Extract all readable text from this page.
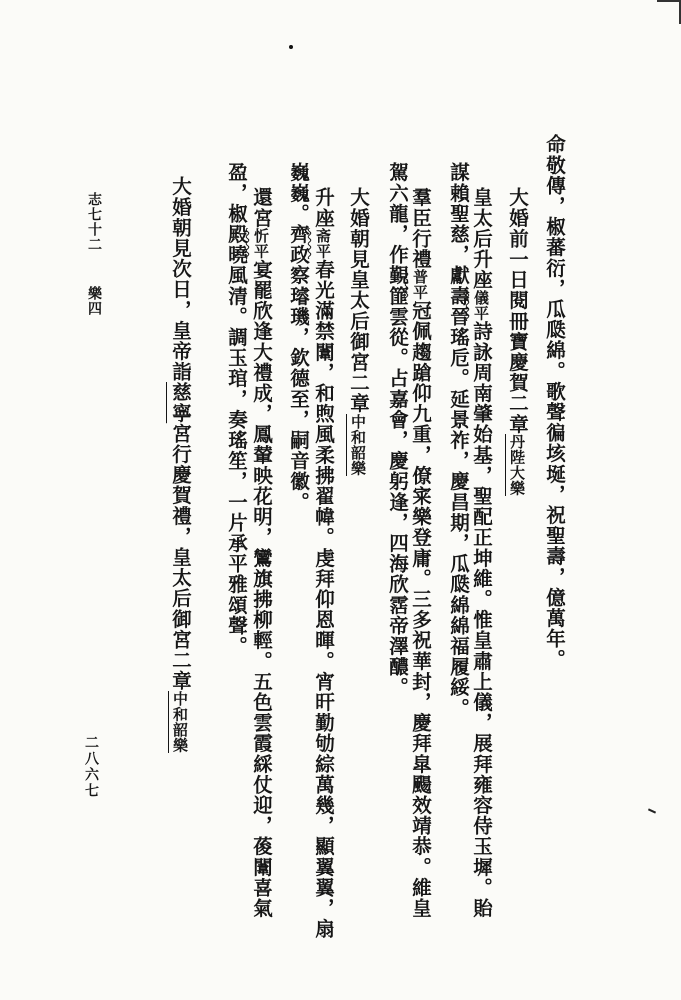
命敬傳，椒蕃衍，瓜瓞綿。歌聲徧垓埏，祝聖壽，億萬年。
大婚前一日閱冊寶慶賀二章丹陛大樂
皇太后升座儀平詩詠周南肇始基，聖配正坤維。惟皇肅上儀，展拜雍容侍玉墀。貽
謀賴聖慈，獻壽晉瑤卮。延景祚，慶昌期，瓜瓞綿綿福履綏。
羣臣行禮普平冠佩趨蹌仰九重，僚宷樂登庸。三多祝華封，慶拜皐颺效靖恭。維皇
駕六龍，作覲篚雲從。占嘉會，慶躬逢，四海欣霑帝澤醲。
大婚朝見皇太后御宮二章中和韶樂
升座斋平春光滿禁闈，和煦風柔拂翟幃。虔拜仰恩暉。宵旰勤劬綜萬幾，顯翼翼，扇
巍巍。齊政察璿璣，欽德至，嗣音徽。
還宮忻平宴罷欣逢大禮成，鳳輦映花明，鸞旗拂柳輕。五色雲霞綵仗迎，葰闈喜氣
盈，椒殿曉風清。調玉琯，奏瑤笙，一片承平雅頌聲。
大婚朝見次日，皇帝詣慈寧宮行慶賀禮，皇太后御宮二章中和韶樂
志七十二樂四
二八六七
